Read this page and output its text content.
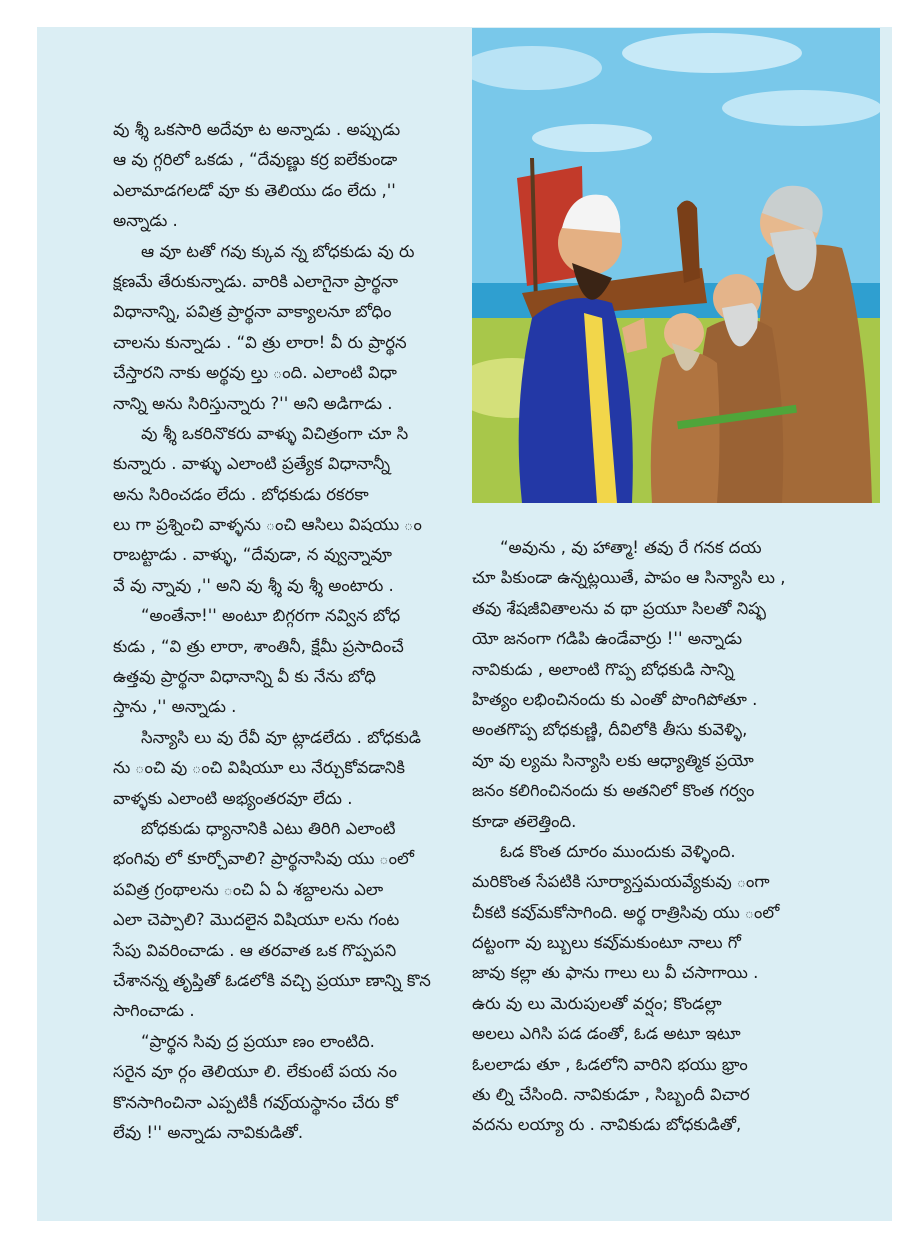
వు శ్శీ ఒకసారి అదేవూ ట అన్నాడు . అప్పుడు
ఆ వు గ్గరిలో ఒకడు , “దేవుణ్ణు కర్ర ఐలేకుండా
ఎలామాడగలడో వూ కు తెలియు డం లేదు ,''
అన్నాడు .
ఆ వూ టతో గవు క్కువ న్న బోధకుడు వు రు
క్షణమే తేరుకున్నాడు. వారికి ఎలాగైనా ప్రార్థనా
విధానాన్ని, పవిత్ర ప్రార్థనా వాక్యాలనూ బోధిం
చాలను కున్నాడు . “వి త్రు లారా! వీ రు ప్రార్థన
చేస్తారని నాకు అర్థవు ల్తు ంది. ఎలాంటి విధా
నాన్ని అను సిరిస్తున్నారు ?'' అని అడిగాడు .
వు శ్శీ ఒకరినొకరు వాళ్ళు విచిత్రంగా చూ సి
కున్నారు . వాళ్ళు ఎలాంటి ప్రత్యేక విధానాన్నీ
అను సిరించడం లేదు . బోధకుడు రకరకా
లు గా ప్రశ్నించి వాళ్ళను ంచి ఆసిలు విషయు ం
రాబట్టాడు . వాళ్ళు, “దేవుడా, న వ్వున్నావూ
వే వు న్నావు ,'' అని వు శ్శీ వు శ్శీ అంటారు .
“అంతేనా!'' అంటూ బిగ్గరగా నవ్విన బోధ
కుడు , “వి త్రు లారా, శాంతినీ, క్షేమీ ప్రసాదించే
ఉత్తవు ప్రార్థనా విధానాన్ని వీ కు నేను బోధి
స్తాను ,'' అన్నాడు .
సిన్యాసి లు వు రేవీ వూ ట్లాడలేదు . బోధకుడి
ను ంచి వు ంచి విషియూ లు నేర్చుకోవడానికి
వాళ్ళకు ఎలాంటి అభ్యంతరవూ లేదు .
బోధకుడు ధ్యానానికి ఎటు తిరిగి ఎలాంటి
భంగివు లో కూర్చోవాలి? ప్రార్థనాసివు యు ంలో
పవిత్ర గ్రంథాలను ంచి ఏ ఏ శబ్దాలను ఎలా
ఎలా చెప్పాలి? మొదలైన విషియూ లను గంట
సేపు వివరించాడు . ఆ తరవాత ఒక గొప్పపని
చేశానన్న తృప్తితో ఓడలోకి వచ్చి ప్రయూ ణాన్ని కొన
సాగించాడు .
“ప్రార్థన సివు ద్ర ప్రయూ ణం లాంటిది.
సరైన వూ ర్గం తెలియూ లి. లేకుంటే పయ నం
కొనసాగించినా ఎప్పటికీ గవు్యస్థానం చేరు కో
లేవు !'' అన్నాడు నావికుడితో.
“అవును , వు హాత్మా! తవు రే గనక దయ
చూ పికుండా ఉన్నట్లయితే, పాపం ఆ సిన్యాసి లు ,
తవు శేషజీవితాలను వ థా ప్రయూ సిలతో నిష్ఫ
యో జనంగా గడిపి ఉండేవార్రు !'' అన్నాడు
నావికుడు , అలాంటి గొప్ప బోధకుడి సాన్ని
హిత్యం లభించినందు కు ఎంతో పొంగిపోతూ .
అంతగొప్ప బోధకుణ్ణి, దీవిలోకి తీసు కువెళ్ళి,
వూ వు ల్యమ సిన్యాసి లకు ఆధ్యాత్మిక ప్రయో
జనం కలిగించినందు కు అతనిలో కొంత గర్వం
కూడా తలెత్తింది.
ఓడ కొంత దూరం ముందుకు వెళ్ళింది.
మరికొంత సేపటికి సూర్యాస్తమయవ్యేకువు ంగా
చీకటి కవు్మకోసాగింది. అర్థ రాత్రిసివు యు ంలో
దట్టంగా వు బ్బులు కవు్మకుంటూ నాలు గో
జావు కల్లా తు ఫాను గాలు లు వీ చసాగాయి .
ఉరు వు లు మెరుపులతో వర్షం; కొండల్లా
అలలు ఎగిసి పడ డంతో, ఓడ అటూ ఇటూ
ఓలలాడు తూ , ఓడలోని వారిని భయు భ్రాం
తు ల్ని చేసింది. నావికుడూ , సిబ్బందీ విచార
వదను లయ్యా రు . నావికుడు బోధకుడితో,
